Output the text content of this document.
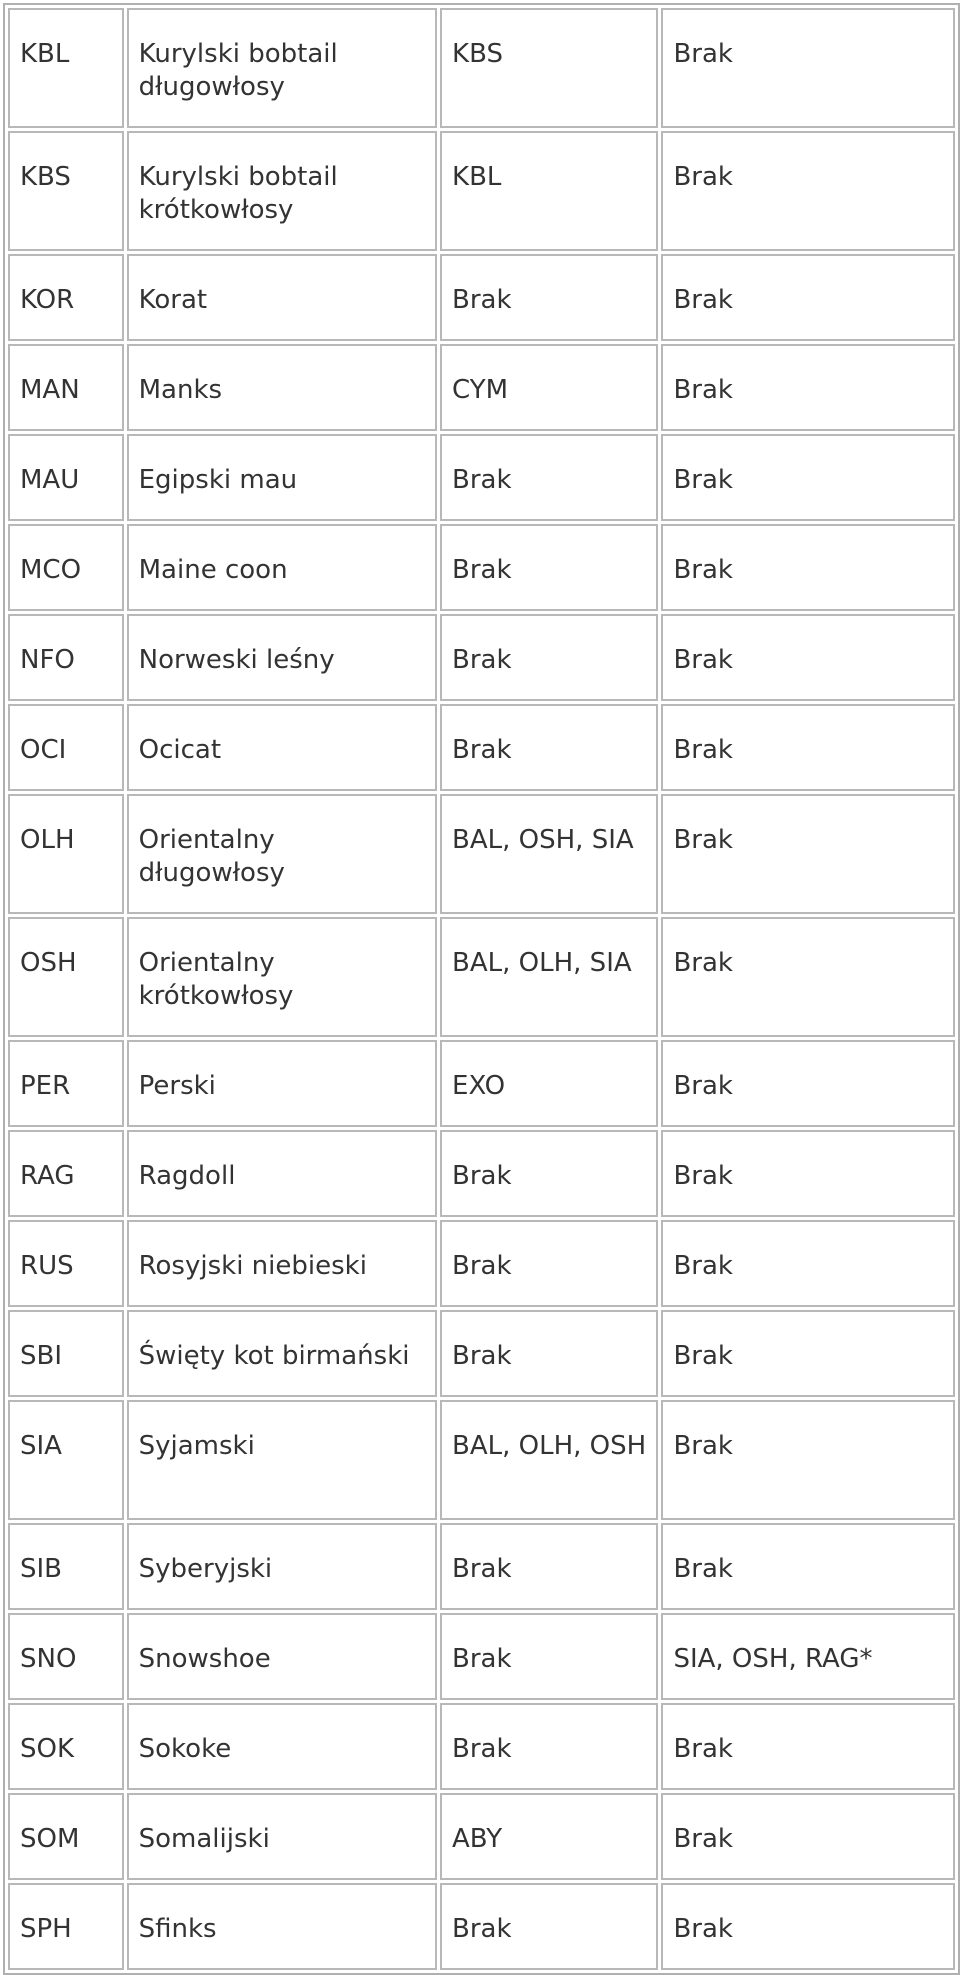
KBL	Kurylski bobtail długowłosy	KBS	Brak
KBS	Kurylski bobtail krótkowłosy	KBL	Brak
KOR	Korat	Brak	Brak
MAN	Manks	CYM	Brak
MAU	Egipski mau	Brak	Brak
MCO	Maine coon	Brak	Brak
NFO	Norweski leśny	Brak	Brak
OCI	Ocicat	Brak	Brak
OLH	Orientalny długowłosy	BAL, OSH, SIA	Brak
OSH	Orientalny krótkowłosy	BAL, OLH, SIA	Brak
PER	Perski	EXO	Brak
RAG	Ragdoll	Brak	Brak
RUS	Rosyjski niebieski	Brak	Brak
SBI	Święty kot birmański	Brak	Brak
SIA	Syjamski	BAL, OLH, OSH	Brak
SIB	Syberyjski	Brak	Brak
SNO	Snowshoe	Brak	SIA, OSH, RAG*
SOK	Sokoke	Brak	Brak
SOM	Somalijski	ABY	Brak
SPH	Sfinks	Brak	Brak
